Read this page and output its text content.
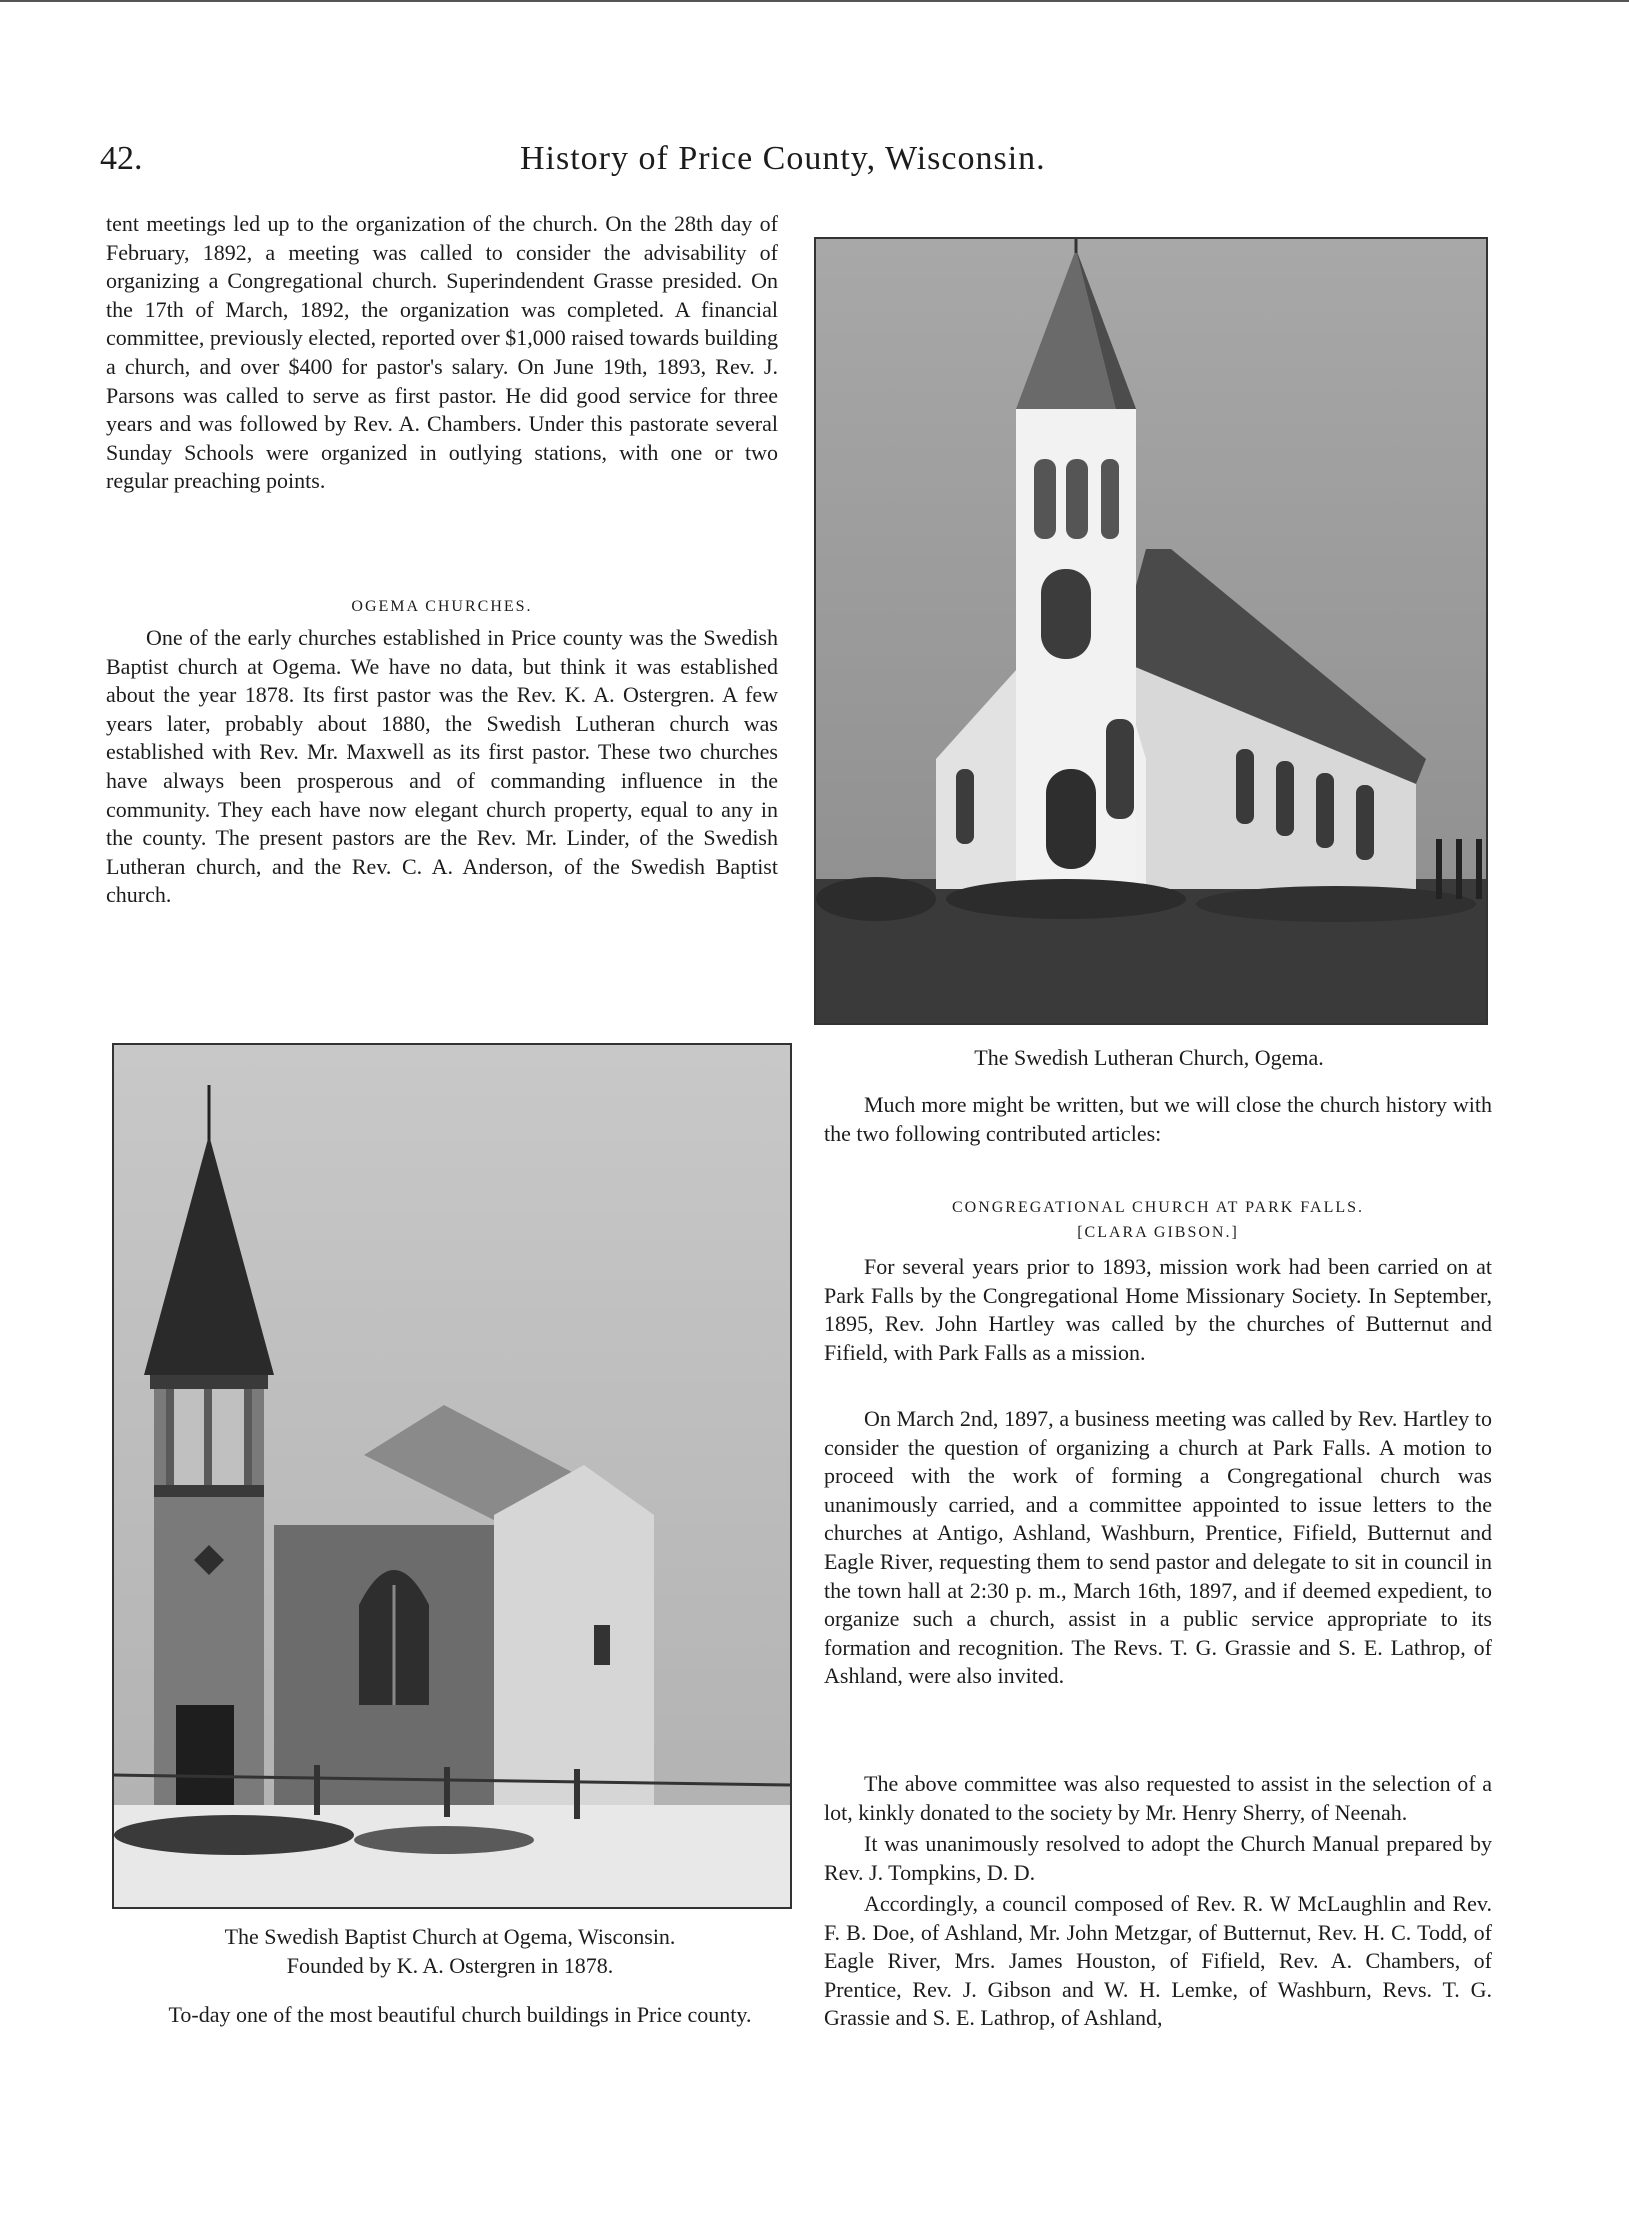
42.	History of Price County, Wisconsin.

tent meetings led up to the organization of the church. On the 28th day of February, 1892, a meeting was called to consider the advisability of organizing a Congregational church. Superindendent Grasse presided. On the 17th of March, 1892, the organization was completed. A financial committee, previously elected, reported over $1,000 raised towards building a church, and over $400 for pastor's salary. On June 19th, 1893, Rev. J. Parsons was called to serve as first pastor. He did good service for three years and was followed by Rev. A. Chambers. Under this pastorate several Sunday Schools were organized in outlying stations, with one or two regular preaching points.

OGEMA CHURCHES.

One of the early churches established in Price county was the Swedish Baptist church at Ogema. We have no data, but think it was established about the year 1878. Its first pastor was the Rev. K. A. Ostergren. A few years later, probably about 1880, the Swedish Lutheran church was established with Rev. Mr. Maxwell as its first pastor. These two churches have always been prosperous and of commanding influence in the community. They each have now elegant church property, equal to any in the county. The present pastors are the Rev. Mr. Linder, of the Swedish Lutheran church, and the Rev. C. A. Anderson, of the Swedish Baptist church.

The Swedish Lutheran Church, Ogema.

The Swedish Baptist Church at Ogema, Wisconsin.

Founded by K. A. Ostergren in 1878.

To-day one of the most beautiful church buildings in Price county.

Much more might be written, but we will close the church history with the two following contributed articles:

CONGREGATIONAL CHURCH AT PARK FALLS.

[CLARA GIBSON.]

For several years prior to 1893, mission work had been carried on at Park Falls by the Congregational Home Missionary Society. In September, 1895, Rev. John Hartley was called by the churches of Butternut and Fifield, with Park Falls as a mission.

On March 2nd, 1897, a business meeting was called by Rev. Hartley to consider the question of organizing a church at Park Falls. A motion to proceed with the work of forming a Congregational church was unanimously carried, and a committee appointed to issue letters to the churches at Antigo, Ashland, Washburn, Prentice, Fifield, Butternut and Eagle River, requesting them to send pastor and delegate to sit in council in the town hall at 2:30 p. m., March 16th, 1897, and if deemed expedient, to organize such a church, assist in a public service appropriate to its formation and recognition. The Revs. T. G. Grassie and S. E. Lathrop, of Ashland, were also invited.

The above committee was also requested to assist in the selection of a lot, kinkly donated to the society by Mr. Henry Sherry, of Neenah.

It was unanimously resolved to adopt the Church Manual prepared by Rev. J. Tompkins, D. D.

Accordingly, a council composed of Rev. R. W McLaughlin and Rev. F. B. Doe, of Ashland, Mr. John Metzgar, of Butternut, Rev. H. C. Todd, of Eagle River, Mrs. James Houston, of Fifield, Rev. A. Chambers, of Prentice, Rev. J. Gibson and W. H. Lemke, of Washburn, Revs. T. G. Grassie and S. E. Lathrop, of Ashland,
